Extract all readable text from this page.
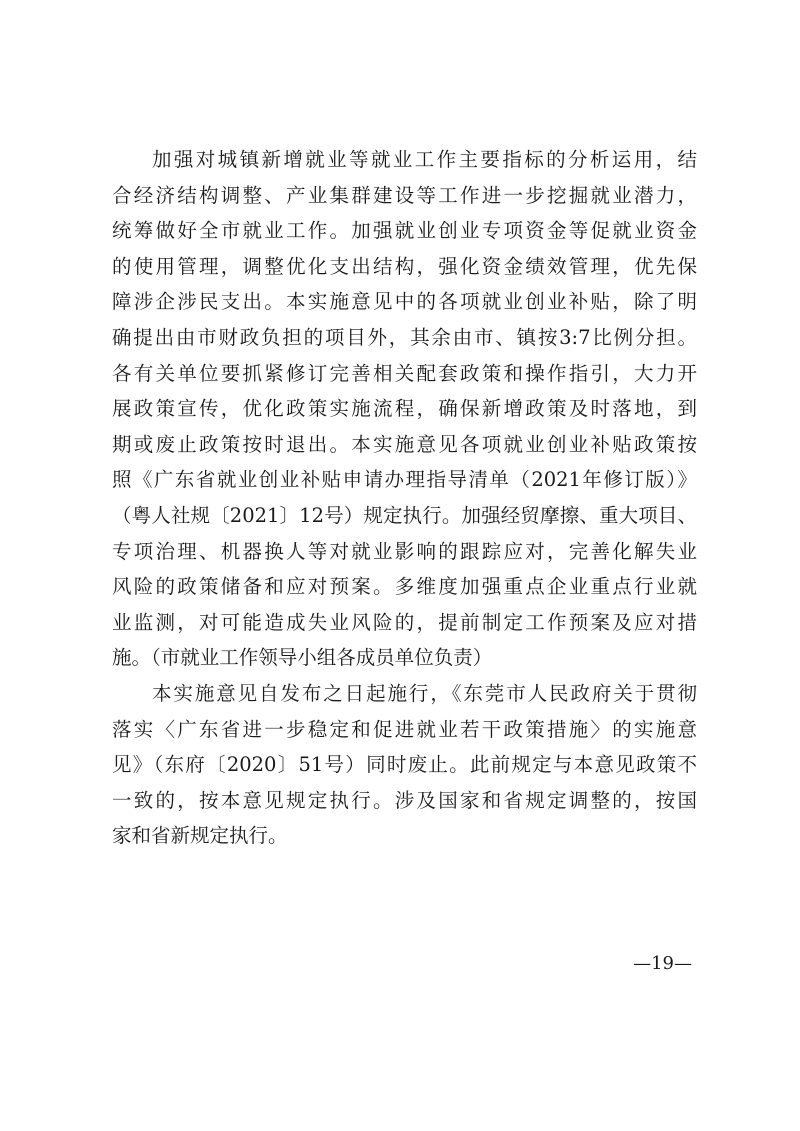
加强对城镇新增就业等就业工作主要指标的分析运用，结
合经济结构调整、产业集群建设等工作进一步挖掘就业潜力，
统筹做好全市就业工作。加强就业创业专项资金等促就业资金
的使用管理，调整优化支出结构，强化资金绩效管理，优先保
障涉企涉民支出。本实施意见中的各项就业创业补贴，除了明
确提出由市财政负担的项目外，其余由市、镇按3:7比例分担。
各有关单位要抓紧修订完善相关配套政策和操作指引，大力开
展政策宣传，优化政策实施流程，确保新增政策及时落地，到
期或废止政策按时退出。本实施意见各项就业创业补贴政策按
照《广东省就业创业补贴申请办理指导清单（2021年修订版）》
（粤人社规〔2021〕12号）规定执行。加强经贸摩擦、重大项目、
专项治理、机器换人等对就业影响的跟踪应对，完善化解失业
风险的政策储备和应对预案。多维度加强重点企业重点行业就
业监测，对可能造成失业风险的，提前制定工作预案及应对措
施。（市就业工作领导小组各成员单位负责）
本实施意见自发布之日起施行，《东莞市人民政府关于贯彻
落实〈广东省进一步稳定和促进就业若干政策措施〉的实施意
见》（东府〔2020〕51号）同时废止。此前规定与本意见政策不
一致的，按本意见规定执行。涉及国家和省规定调整的，按国
家和省新规定执行。
—19—
